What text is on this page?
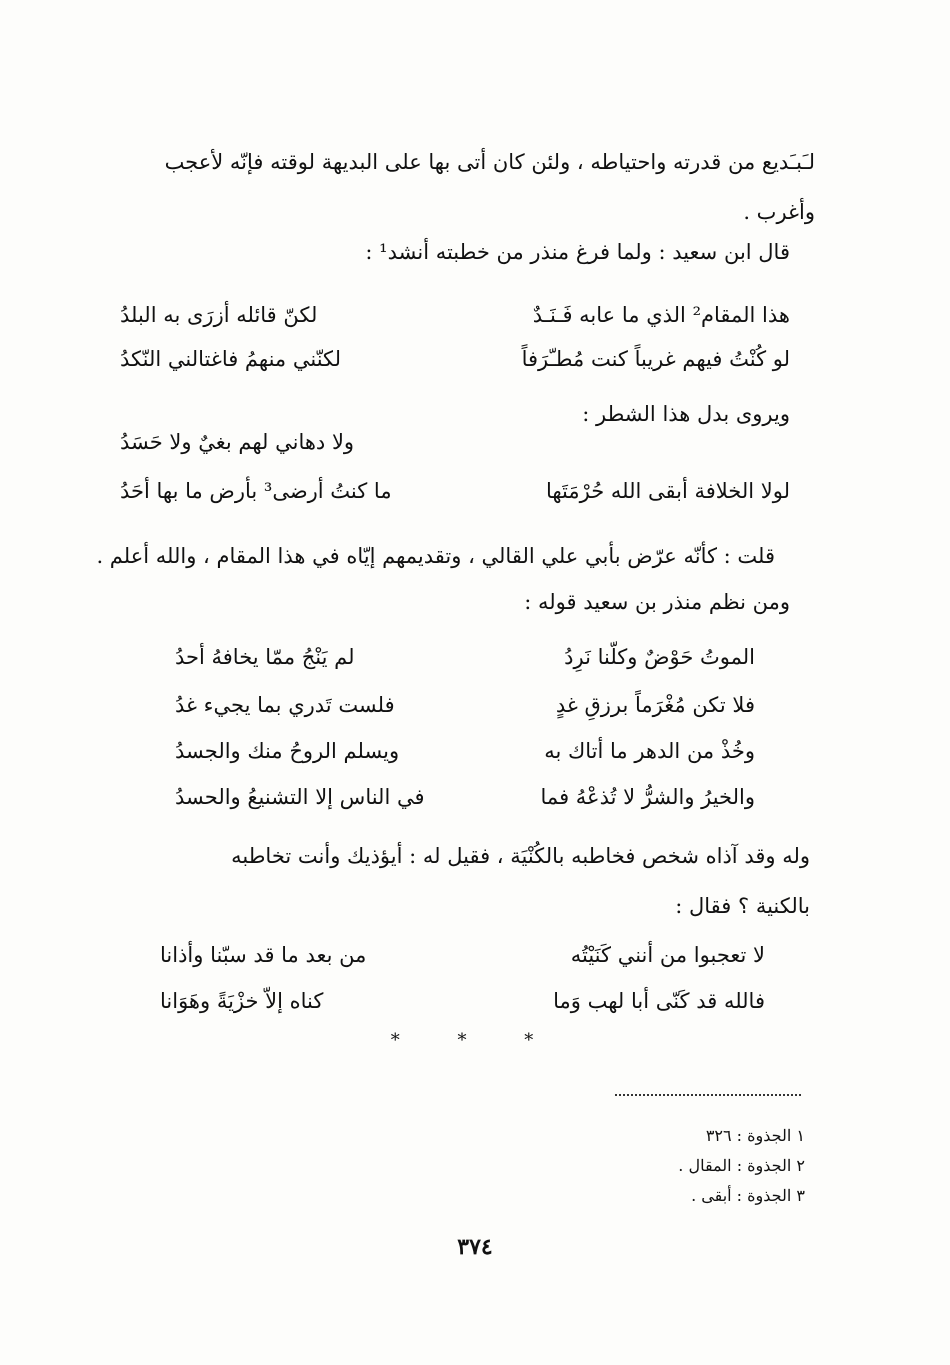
لـَبـَديع من قدرته واحتياطه ، ولئن كان أتى بها على البديهة لوقته فإنّه لأعجب
وأغرب .
قال ابن سعيد : ولما فرغ منذر من خطبته أنشد¹ :
هذا المقام² الذي ما عابه فَـنَـدٌ
لكنّ قائله أزرَى به البلدُ
لو كُنْتُ فيهم غريباً كنت مُطـّرَفاً
لكنّني منهمُ فاغتالني النّكدُ
ويروى بدل هذا الشطر :
ولا دهاني لهم بغيٌ ولا حَسَدُ
لولا الخلافة أبقى الله حُرْمَتَها
ما كنتُ أرضى³ بأرض ما بها أحَدُ
قلت : كأنّه عرّض بأبي علي القالي ، وتقديمهم إيّاه في هذا المقام ، والله أعلم .
ومن نظم منذر بن سعيد قوله :
الموتُ حَوْضٌ وكلّنا نَرِدُ
لم يَنْجُ ممّا يخافهُ أحدُ
فلا تكن مُغْرَماً برزقِ غدٍ
فلست تَدري بما يجيء غدُ
وخُذْ من الدهر ما أتاك به
ويسلم الروحُ منك والجسدُ
والخيرُ والشرُّ لا تُذعْهُ فما
في الناس إلا التشنيعُ والحسدُ
وله وقد آذاه شخص فخاطبه بالكُنْيَة ، فقيل له : أيؤذيك وأنت تخاطبه
بالكنية ؟ فقال :
لا تعجبوا من أنني كَنَيْتُه
من بعد ما قد سبّنا وأذانا
فالله قد كَنّى أبا لهب وَما
كناه إلاّ خزْيَةً وهَوَانا
* * *
١ الجذوة : ٣٢٦
٢ الجذوة : المقال .
٣ الجذوة : أبقى .
٣٧٤
